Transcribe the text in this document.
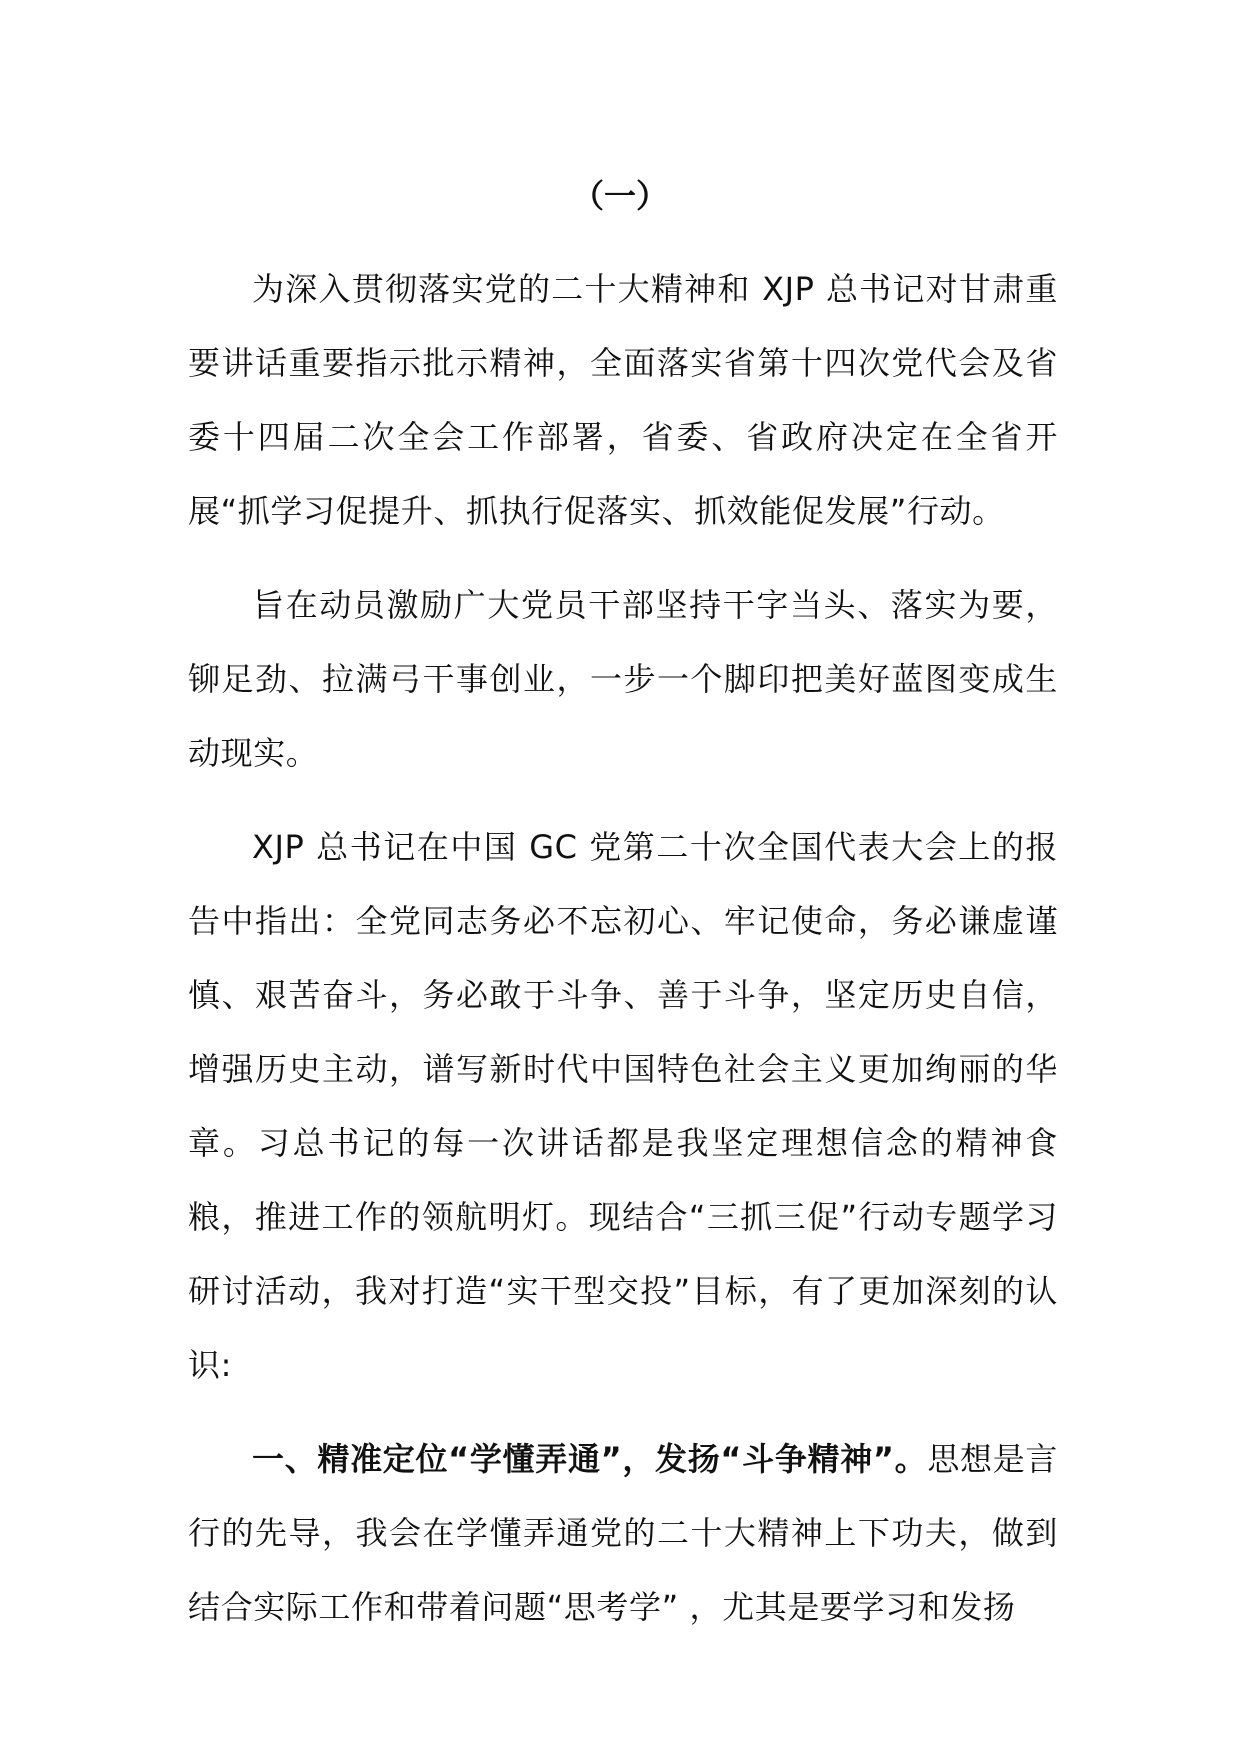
（一）

为深入贯彻落实党的二十大精神和 XJP 总书记对甘肃重要讲话重要指示批示精神，全面落实省第十四次党代会及省委十四届二次全会工作部署，省委、省政府决定在全省开展“抓学习促提升、抓执行促落实、抓效能促发展”行动。

旨在动员激励广大党员干部坚持干字当头、落实为要，铆足劲、拉满弓干事创业，一步一个脚印把美好蓝图变成生动现实。

XJP 总书记在中国 GC 党第二十次全国代表大会上的报告中指出：全党同志务必不忘初心、牢记使命，务必谦虚谨慎、艰苦奋斗，务必敢于斗争、善于斗争，坚定历史自信，增强历史主动，谱写新时代中国特色社会主义更加绚丽的华章。习总书记的每一次讲话都是我坚定理想信念的精神食粮，推进工作的领航明灯。现结合“三抓三促”行动专题学习研讨活动，我对打造“实干型交投”目标，有了更加深刻的认识:

一、精准定位“学懂弄通”，发扬“斗争精神”。思想是言行的先导，我会在学懂弄通党的二十大精神上下功夫，做到结合实际工作和带着问题“思考学” ，尤其是要学习和发扬
